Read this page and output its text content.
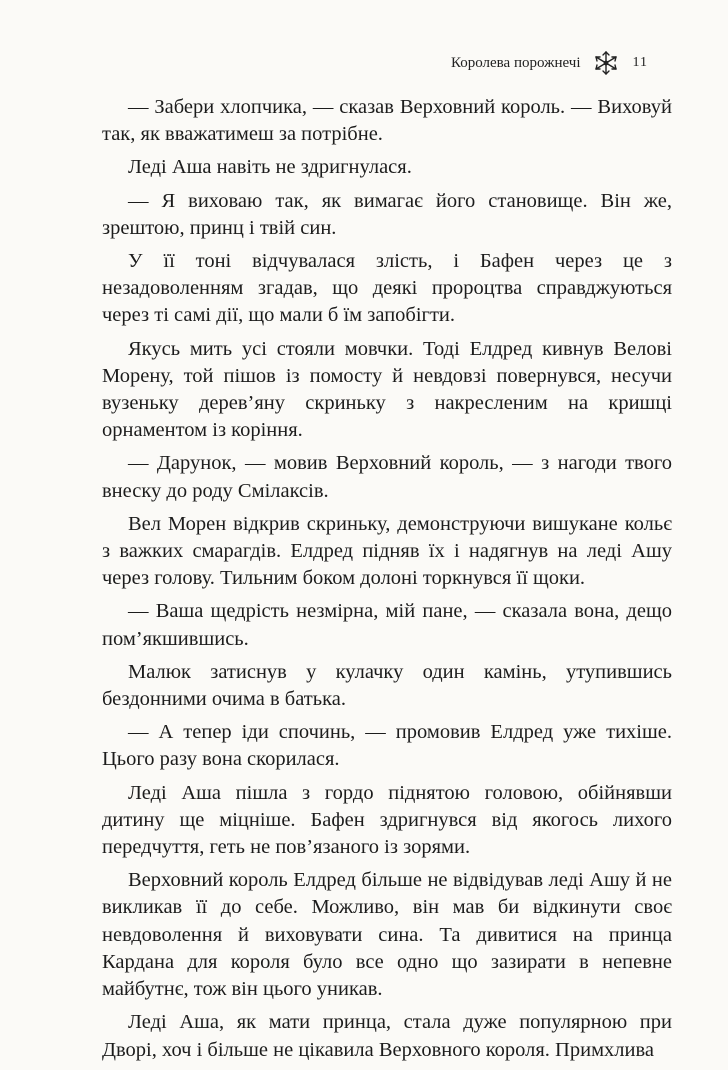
Королева порожнечі	11

— Забери хлопчика, — сказав Верховний король. — Виховуй так, як вважатимеш за потрібне.

Леді Аша навіть не здригнулася.

— Я виховаю так, як вимагає його становище. Він же, зрештою, принц і твій син.

У її тоні відчувалася злість, і Бафен через це з незадоволенням згадав, що деякі пророцтва справджуються через ті самі дії, що мали б їм запобігти.

Якусь мить усі стояли мовчки. Тоді Елдред кивнув Велові Морену, той пішов із помосту й невдовзі повернувся, несучи вузеньку дерев’яну скриньку з накресленим на кришці орнаментом із коріння.

— Дарунок, — мовив Верховний король, — з нагоди твого внеску до роду Смілаксів.

Вел Морен відкрив скриньку, демонструючи вишукане кольє з важких смарагдів. Елдред підняв їх і надягнув на леді Ашу через голову. Тильним боком долоні торкнувся її щоки.

— Ваша щедрість незмірна, мій пане, — сказала вона, дещо пом’якшившись.

Малюк затиснув у кулачку один камінь, утупившись бездонними очима в батька.

— А тепер іди спочинь, — промовив Елдред уже тихіше. Цього разу вона скорилася.

Леді Аша пішла з гордо піднятою головою, обійнявши дитину ще міцніше. Бафен здригнувся від якогось лихого передчуття, геть не пов’язаного із зорями.

Верховний король Елдред більше не відвідував леді Ашу й не викликав її до себе. Можливо, він мав би відкинути своє невдоволення й виховувати сина. Та дивитися на принца Кардана для короля було все одно що зазирати в непевне майбутнє, тож він цього уникав.

Леді Аша, як мати принца, стала дуже популярною при Дворі, хоч і більше не цікавила Верховного короля. Примхлива
